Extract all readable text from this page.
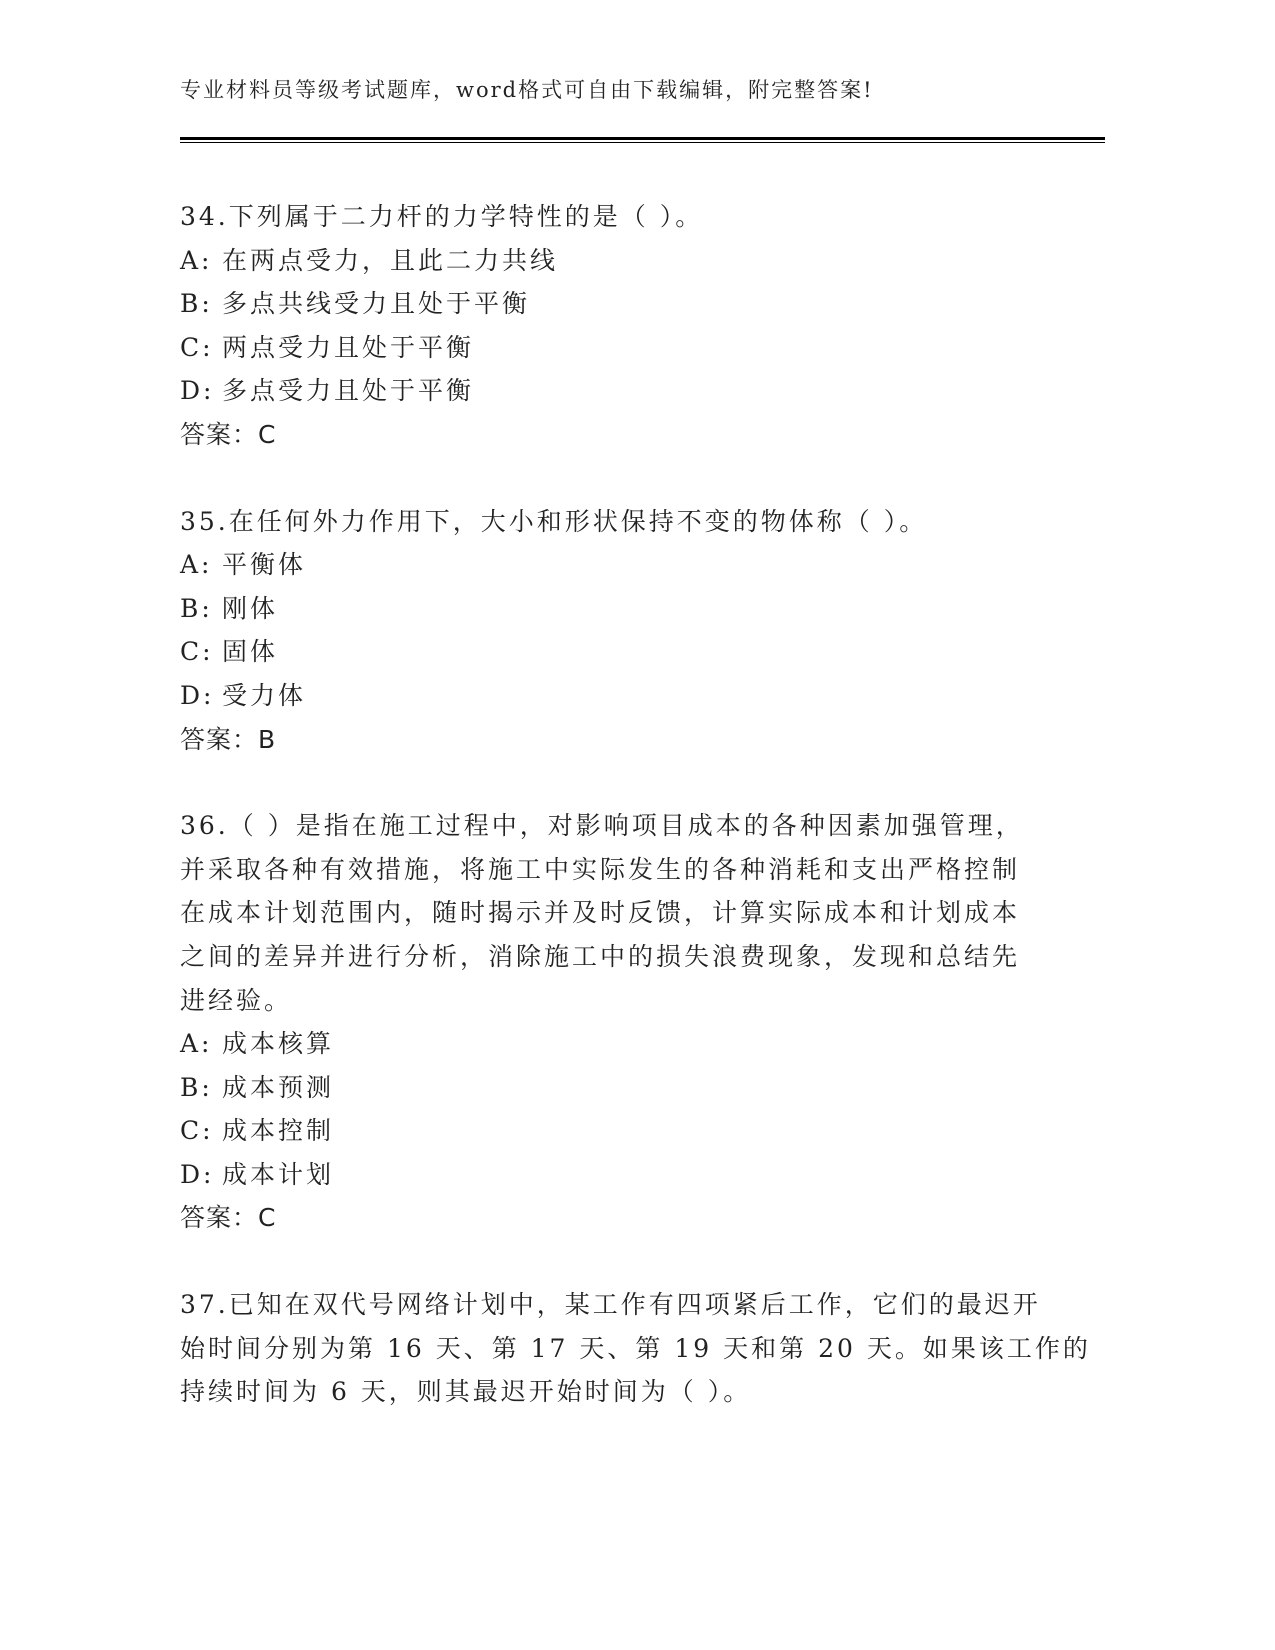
专业材料员等级考试题库，word格式可自由下载编辑，附完整答案!
34.下列属于二力杆的力学特性的是（ ）。
A: 在两点受力，且此二力共线
B: 多点共线受力且处于平衡
C: 两点受力且处于平衡
D: 多点受力且处于平衡
答案：C
35.在任何外力作用下，大小和形状保持不变的物体称（ ）。
A: 平衡体
B: 刚体
C: 固体
D: 受力体
答案：B
36.（ ）是指在施工过程中，对影响项目成本的各种因素加强管理，
并采取各种有效措施，将施工中实际发生的各种消耗和支出严格控制
在成本计划范围内，随时揭示并及时反馈，计算实际成本和计划成本
之间的差异并进行分析，消除施工中的损失浪费现象，发现和总结先
进经验。
A: 成本核算
B: 成本预测
C: 成本控制
D: 成本计划
答案：C
37.已知在双代号网络计划中，某工作有四项紧后工作，它们的最迟开
始时间分别为第 16 天、第 17 天、第 19 天和第 20 天。如果该工作的
持续时间为 6 天，则其最迟开始时间为（ ）。
